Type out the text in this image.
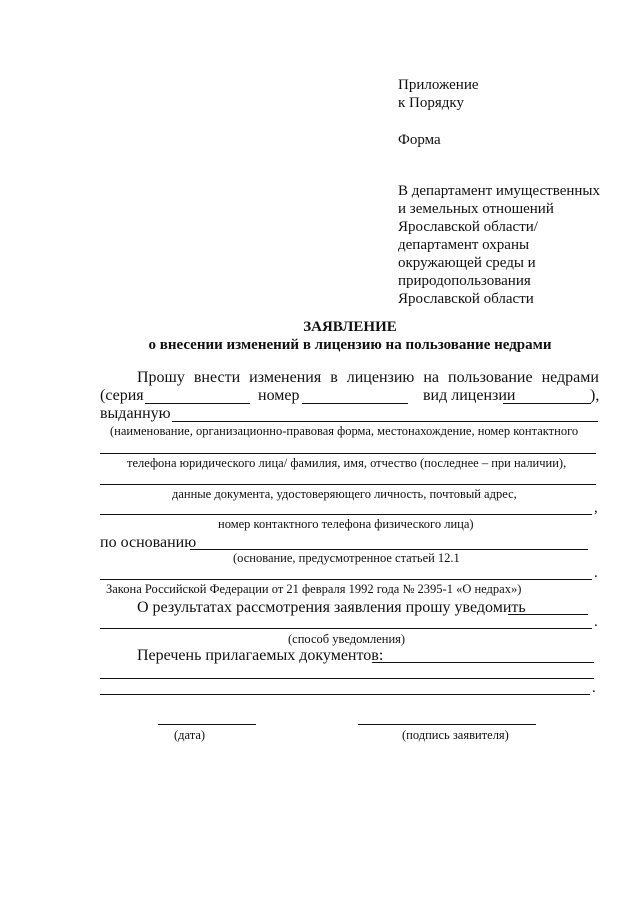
Приложение
к Порядку
Форма
В департамент имущественных
и земельных отношений
Ярославской области/
департамент охраны
окружающей среды и
природопользования
Ярославской области
ЗАЯВЛЕНИЕ
о внесении изменений в лицензию на пользование недрами
Прошу внести изменения в лицензию на пользование недрами
(серия	номер	вид лицензии	),
выданную
(наименование, организационно-правовая форма, местонахождение, номер контактного
телефона юридического лица/ фамилия, имя, отчество (последнее – при наличии),
данные документа, удостоверяющего личность, почтовый адрес,
,
номер контактного телефона физического лица)
по основанию
(основание, предусмотренное статьей 12.1
.
Закона Российской Федерации от 21 февраля 1992 года № 2395-1 «О недрах»)
О результатах рассмотрения заявления прошу уведомить
.
(способ уведомления)
Перечень прилагаемых документов:
.
(дата)	(подпись заявителя)
